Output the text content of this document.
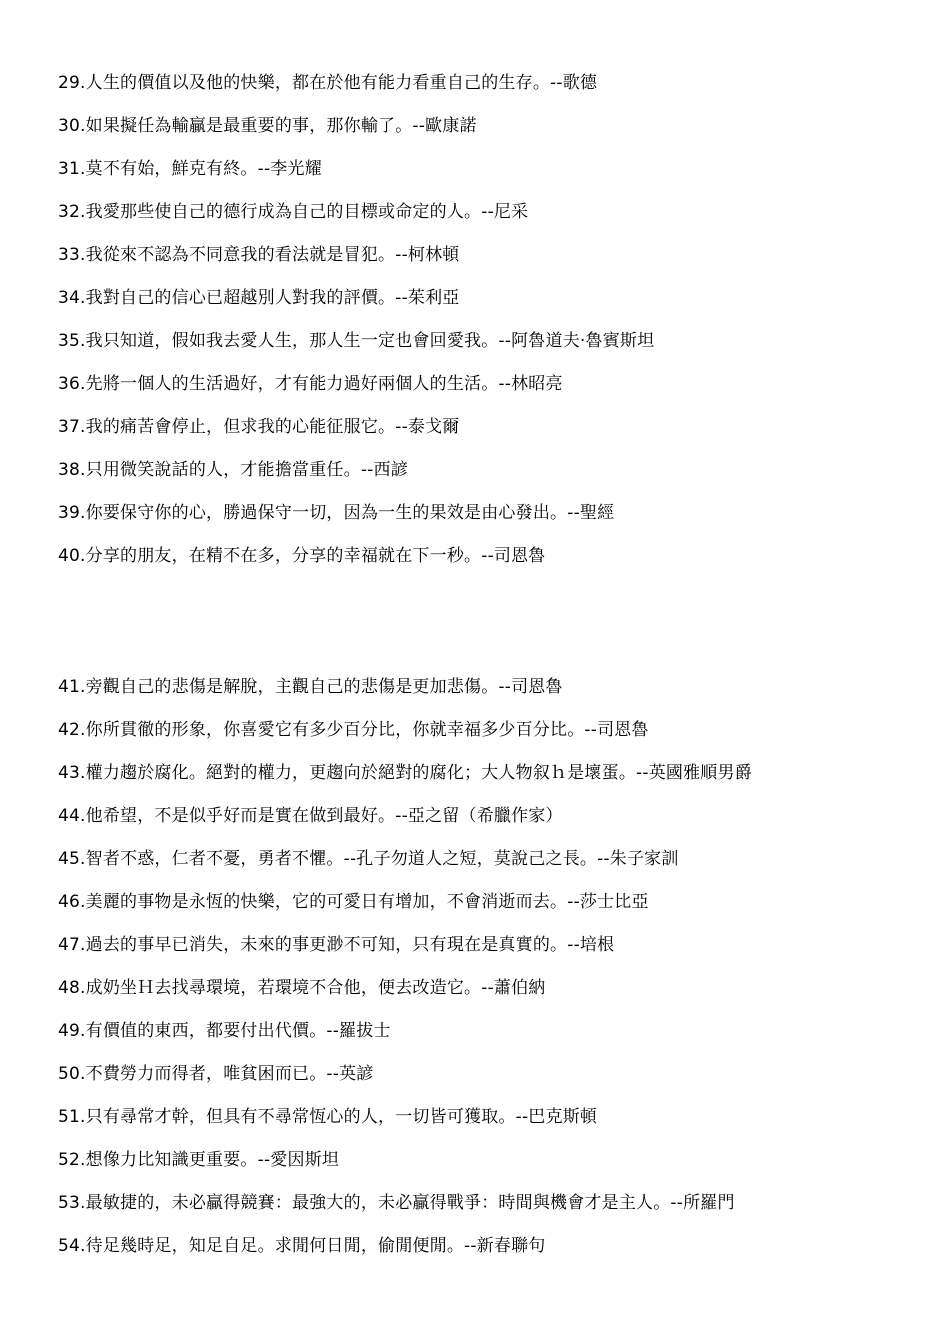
29.人生的價值以及他的快樂，都在於他有能力看重自己的生存。--歌德
30.如果擬任為輸贏是最重要的事，那你輸了。--歐康諾
31.莫不有始，鮮克有終。--李光耀
32.我愛那些使自己的德行成為自己的目標或命定的人。--尼采
33.我從來不認為不同意我的看法就是冒犯。--柯林頓
34.我對自己的信心已超越別人對我的評價。--茱利亞
35.我只知道，假如我去愛人生，那人生一定也會回愛我。--阿魯道夫·魯賓斯坦
36.先將一個人的生活過好，才有能力過好兩個人的生活。--林昭亮
37.我的痛苦會停止，但求我的心能征服它。--泰戈爾
38.只用微笑說話的人，才能擔當重任。--西諺
39.你要保守你的心，勝過保守一切，因為一生的果效是由心發出。--聖經
40.分享的朋友，在精不在多，分享的幸福就在下一秒。--司恩魯
41.旁觀自己的悲傷是解脫，主觀自己的悲傷是更加悲傷。--司恩魯
42.你所貫徹的形象，你喜愛它有多少百分比，你就幸福多少百分比。--司恩魯
43.權力趨於腐化。絕對的權力，更趨向於絕對的腐化；大人物叙ｈ是壞蛋。--英國雅順男爵
44.他希望，不是似乎好而是實在做到最好。--亞之留（希臘作家）
45.智者不惑，仁者不憂，勇者不懼。--孔子勿道人之短，莫說己之長。--朱子家訓
46.美麗的事物是永恆的快樂，它的可愛日有增加，不會消逝而去。--莎士比亞
47.過去的事早已消失，未來的事更渺不可知，只有現在是真實的。--培根
48.成奶坐Ｈ去找尋環境，若環境不合他，便去改造它。--蕭伯納
49.有價值的東西，都要付出代價。--羅拔士
50.不費勞力而得者，唯貧困而已。--英諺
51.只有尋常才幹，但具有不尋常恆心的人，一切皆可獲取。--巴克斯頓
52.想像力比知識更重要。--愛因斯坦
53.最敏捷的，未必贏得競賽：最強大的，未必贏得戰爭：時間與機會才是主人。--所羅門
54.待足幾時足，知足自足。求閒何日閒，偷閒便閒。--新春聯句
